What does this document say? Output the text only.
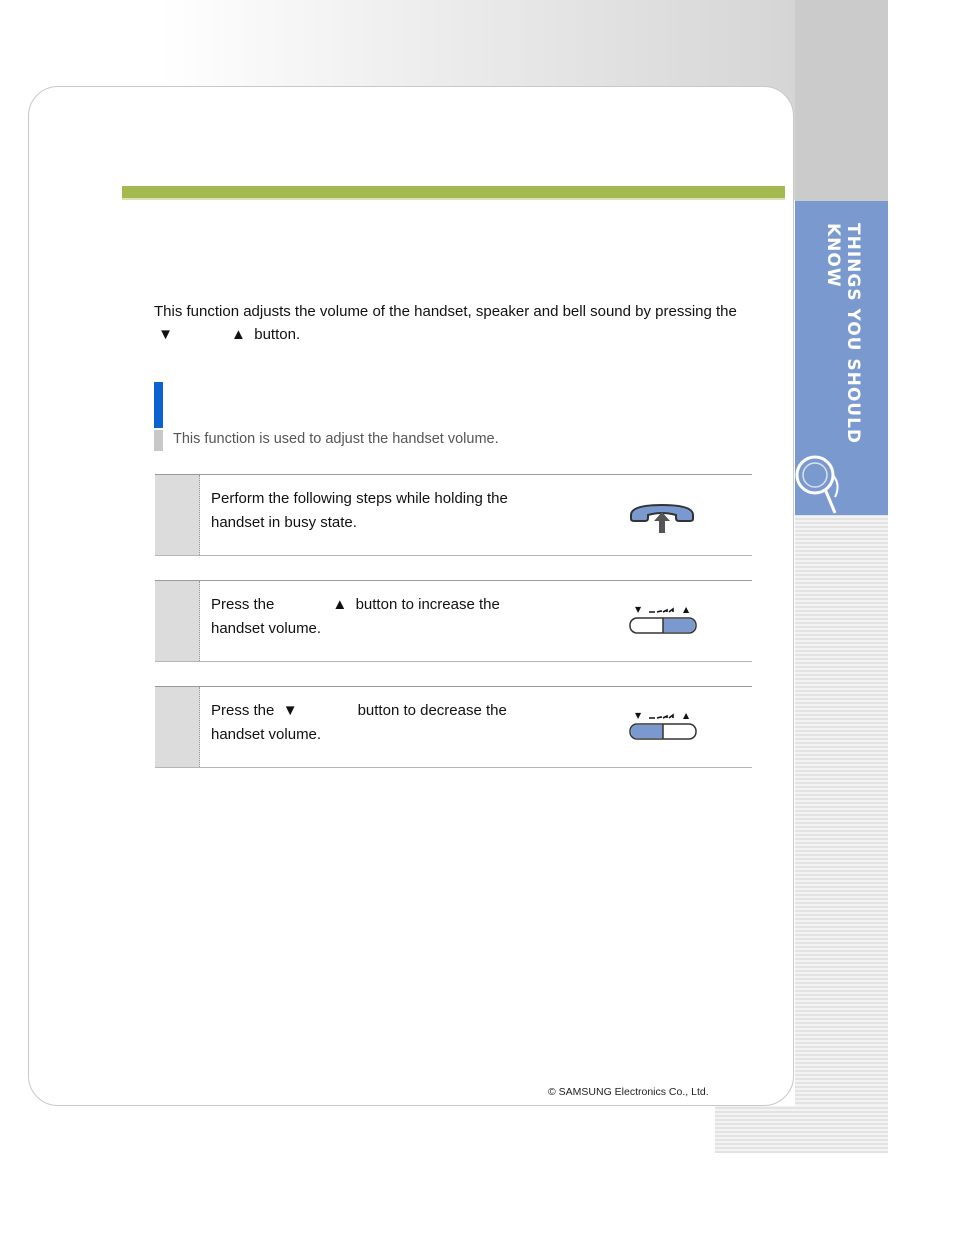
THINGS YOU SHOULD KNOW
This function adjusts the volume of the handset, speaker and bell sound by pressing the
▼	▲ button.
This function is used to adjust the handset volume.
Perform the following steps while holding the
handset in busy state.
Press the	▲ button to increase the
handset volume.
▼	▲
Press the ▼	button to decrease the
handset volume.
▼	▲
© SAMSUNG Electronics Co., Ltd.
